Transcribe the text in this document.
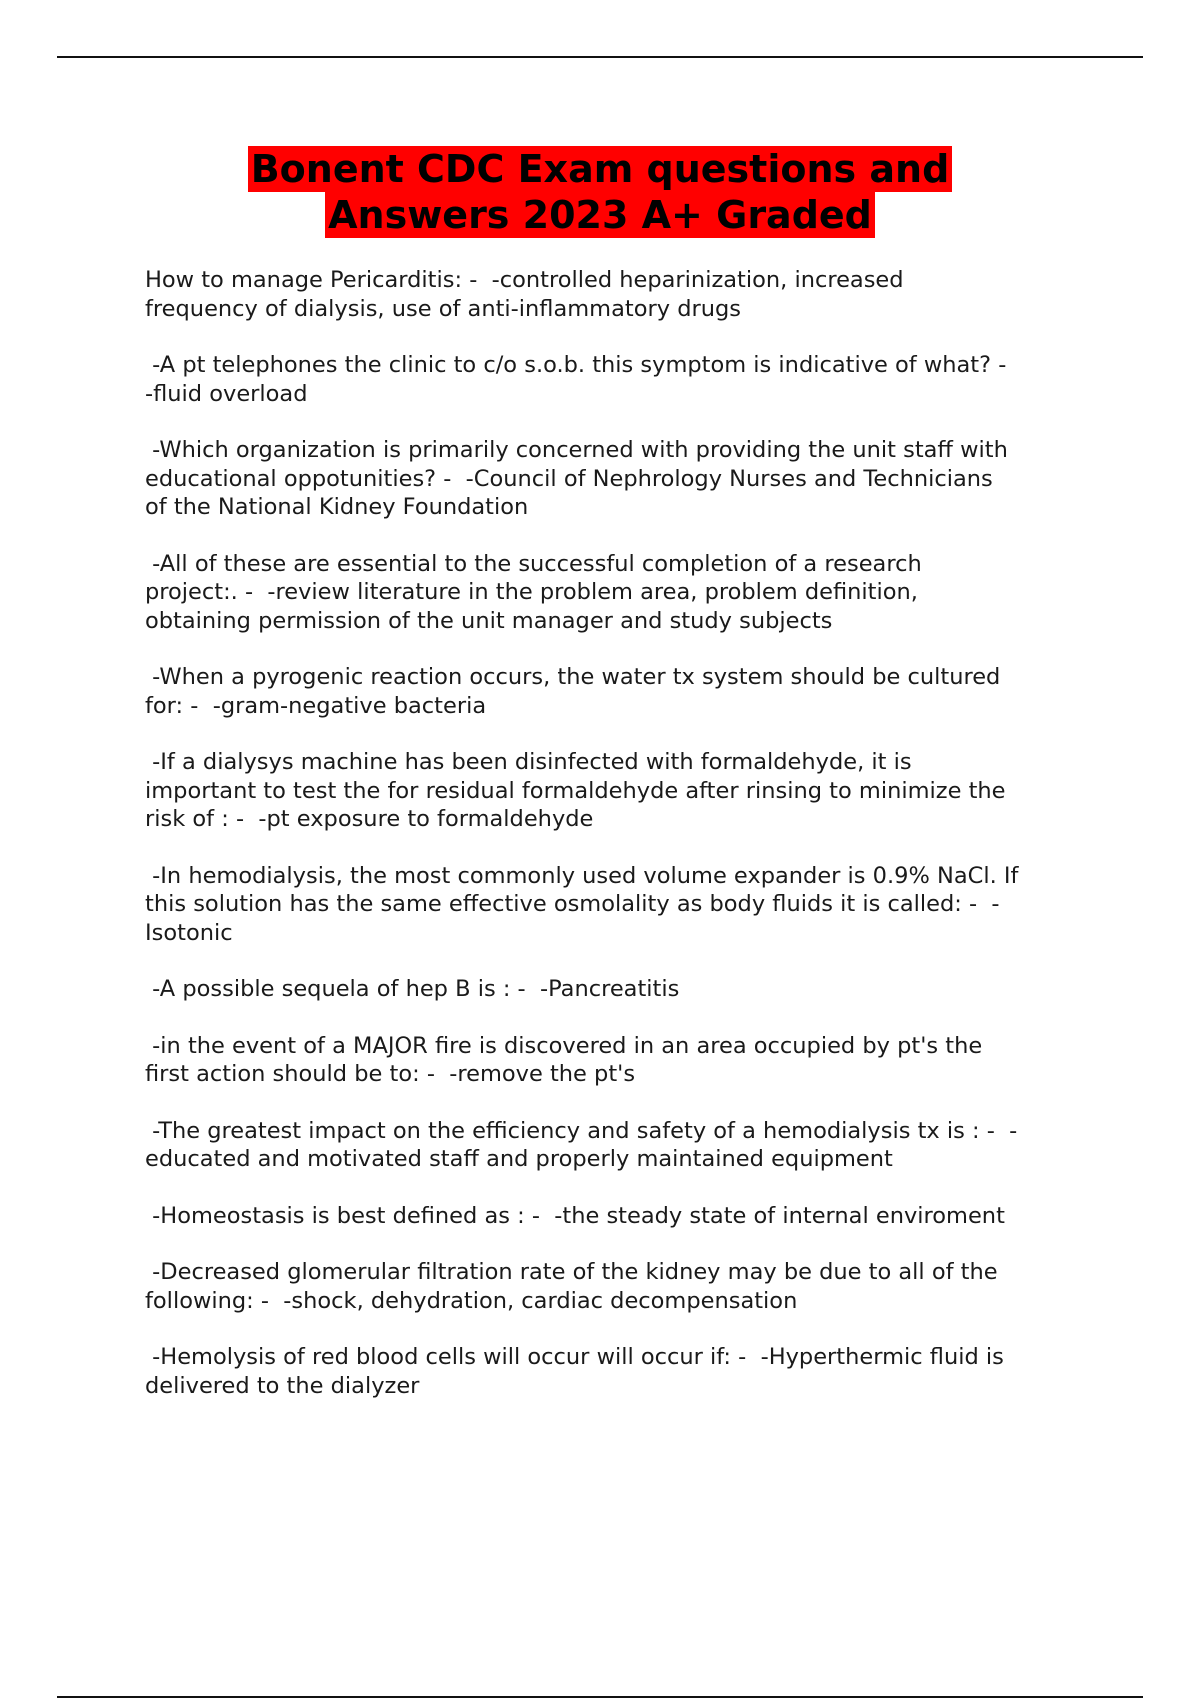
Bonent CDC Exam questions and
Answers 2023 A+ Graded

How to manage Pericarditis: -  -controlled heparinization, increased
frequency of dialysis, use of anti-inflammatory drugs

-A pt telephones the clinic to c/o s.o.b. this symptom is indicative of what? -
-fluid overload

-Which organization is primarily concerned with providing the unit staff with
educational oppotunities? -  -Council of Nephrology Nurses and Technicians
of the National Kidney Foundation

-All of these are essential to the successful completion of a research
project:. -  -review literature in the problem area, problem definition,
obtaining permission of the unit manager and study subjects

-When a pyrogenic reaction occurs, the water tx system should be cultured
for: -  -gram-negative bacteria

-If a dialysys machine has been disinfected with formaldehyde, it is
important to test the for residual formaldehyde after rinsing to minimize the
risk of : -  -pt exposure to formaldehyde

-In hemodialysis, the most commonly used volume expander is 0.9% NaCl. If
this solution has the same effective osmolality as body fluids it is called: -  -
Isotonic

-A possible sequela of hep B is : -  -Pancreatitis

-in the event of a MAJOR fire is discovered in an area occupied by pt's the
first action should be to: -  -remove the pt's

-The greatest impact on the efficiency and safety of a hemodialysis tx is : -  -
educated and motivated staff and properly maintained equipment

-Homeostasis is best defined as : -  -the steady state of internal enviroment

-Decreased glomerular filtration rate of the kidney may be due to all of the
following: -  -shock, dehydration, cardiac decompensation

-Hemolysis of red blood cells will occur will occur if: -  -Hyperthermic fluid is
delivered to the dialyzer
